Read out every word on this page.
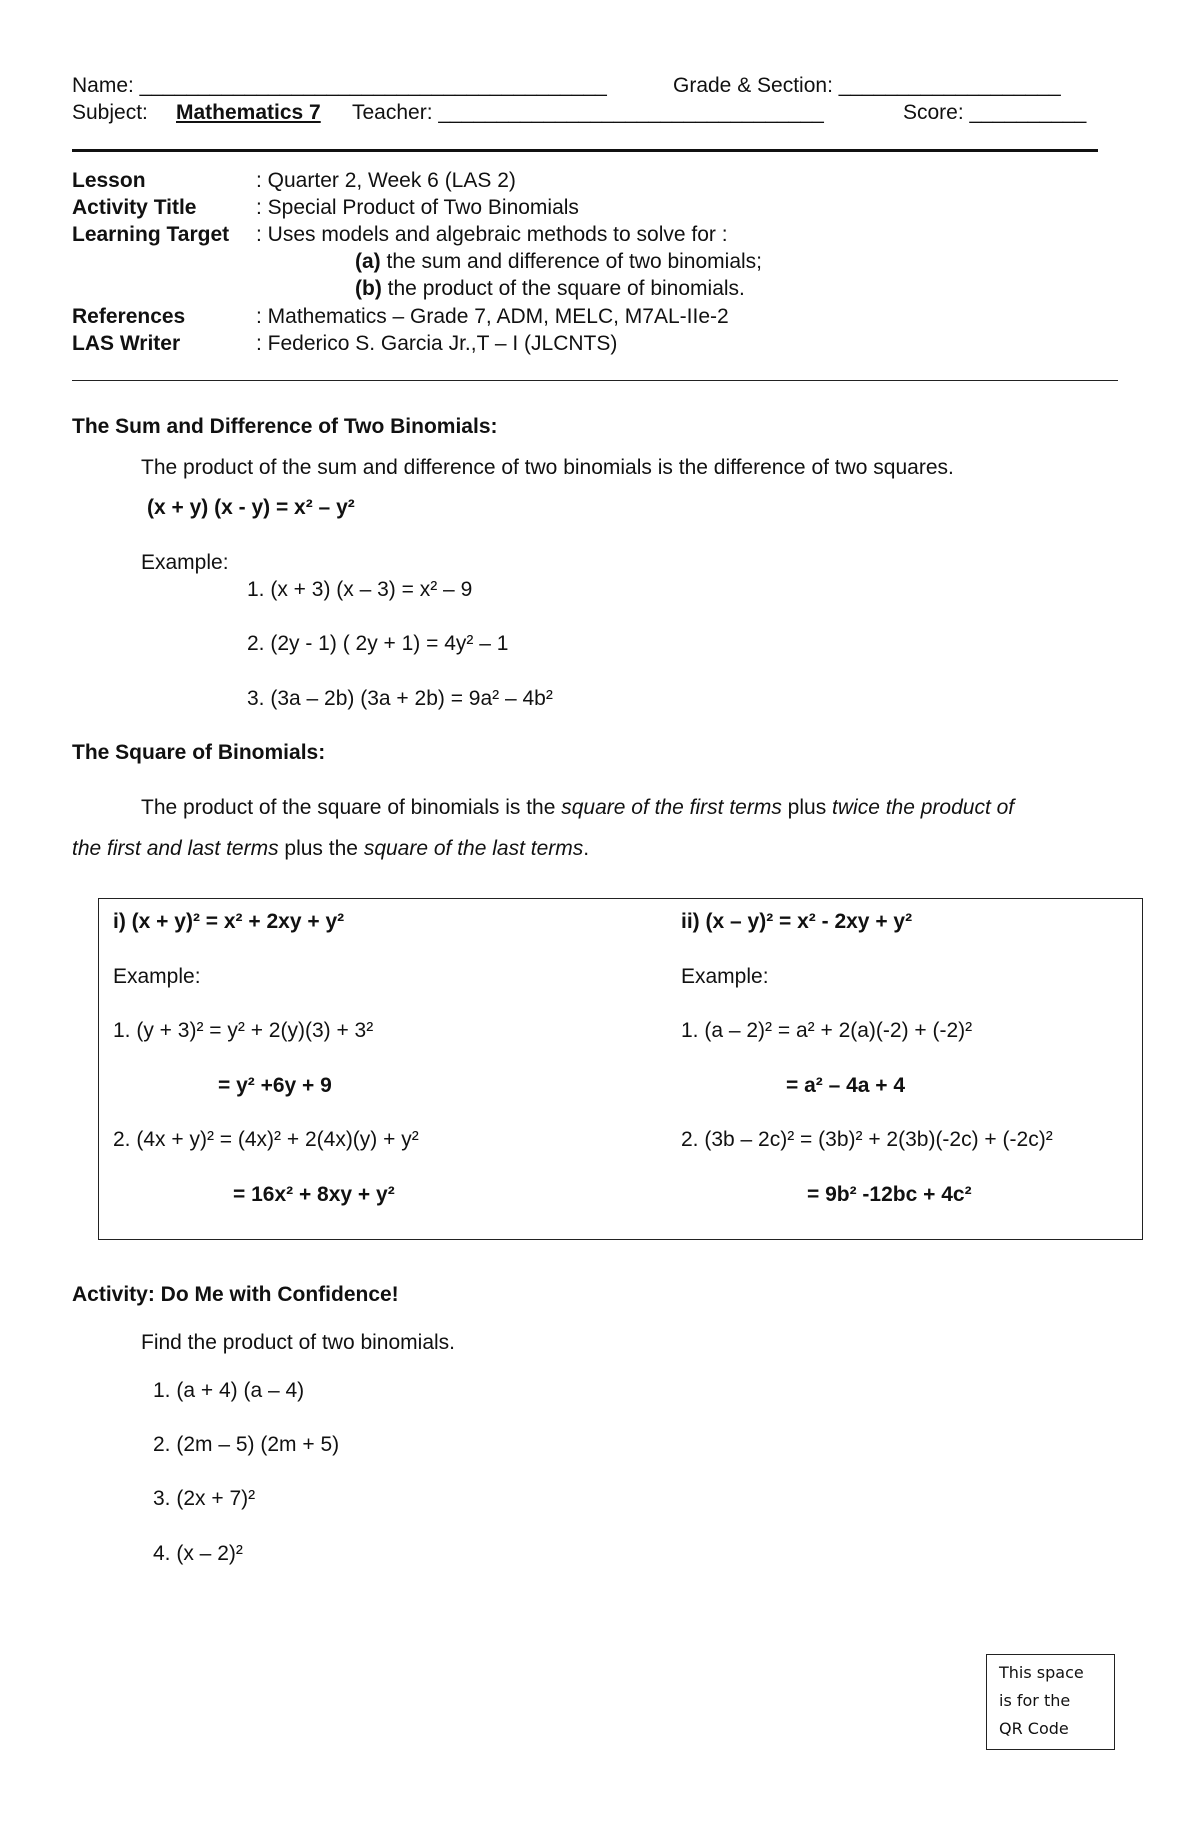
Name: ________________________________________	Grade & Section: ___________________
Subject: Mathematics 7 Teacher: _________________________________	Score: __________
Lesson	: Quarter 2, Week 6 (LAS 2)
Activity Title	: Special Product of Two Binomials
Learning Target : Uses models and algebraic methods to solve for :
(a) the sum and difference of two binomials;
(b) the product of the square of binomials.
References	: Mathematics – Grade 7, ADM, MELC, M7AL-IIe-2
LAS Writer	: Federico S. Garcia Jr.,T – I (JLCNTS)
The Sum and Difference of Two Binomials:
The product of the sum and difference of two binomials is the difference of two squares.
(x + y) (x - y) = x² – y²
Example:
1. (x + 3) (x – 3) = x² – 9
2. (2y - 1) ( 2y + 1) = 4y² – 1
3. (3a – 2b) (3a + 2b) = 9a² – 4b²
The Square of Binomials:
The product of the square of binomials is the square of the first terms plus twice the product of
the first and last terms plus the square of the last terms.
i) (x + y)² = x² + 2xy + y²
Example:
1. (y + 3)² = y² + 2(y)(3) + 3²
= y² +6y + 9
2. (4x + y)² = (4x)² + 2(4x)(y) + y²
= 16x² + 8xy + y²
ii) (x – y)² = x² - 2xy + y²
Example:
1. (a – 2)² = a² + 2(a)(-2) + (-2)²
= a² – 4a + 4
2. (3b – 2c)² = (3b)² + 2(3b)(-2c) + (-2c)²
= 9b² -12bc + 4c²
Activity: Do Me with Confidence!
Find the product of two binomials.
1. (a + 4) (a – 4)
2. (2m – 5) (2m + 5)
3. (2x + 7)²
4. (x – 2)²
This space
is for the
QR Code
